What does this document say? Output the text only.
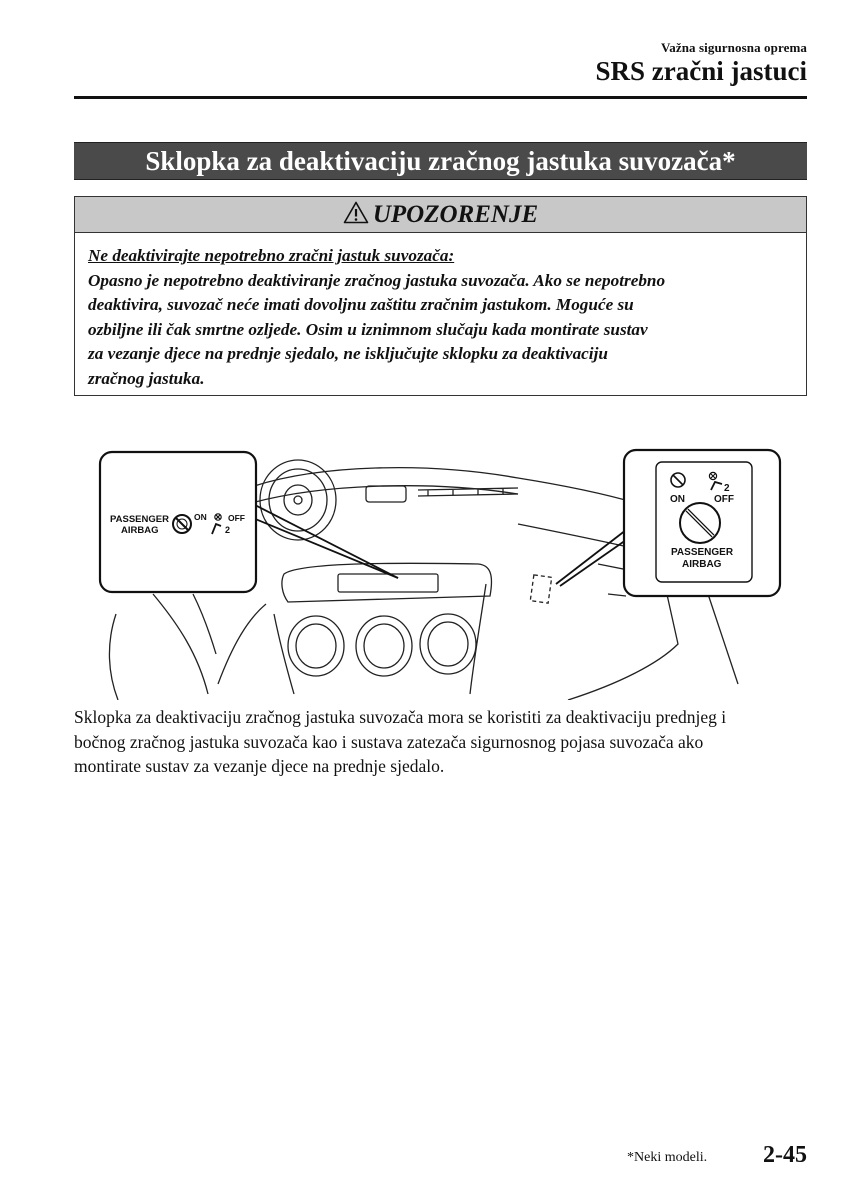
Važna sigurnosna oprema
SRS zračni jastuci
Sklopka za deaktivaciju zračnog jastuka suvozača*
UPOZORENJE
Ne deaktivirajte nepotrebno zračni jastuk suvozača:
Opasno je nepotrebno deaktiviranje zračnog jastuka suvozača. Ako se nepotrebno
deaktivira, suvozač neće imati dovoljnu zaštitu zračnim jastukom. Moguće su
ozbiljne ili čak smrtne ozljede. Osim u iznimnom slučaju kada montirate sustav
za vezanje djece na prednje sjedalo, ne isključujte sklopku za deaktivaciju
zračnog jastuka.
PASSENGER
AIRBAG
ON	OFF
2
ON	OFF
2
PASSENGER
AIRBAG
Sklopka za deaktivaciju zračnog jastuka suvozača mora se koristiti za deaktivaciju prednjeg i
bočnog zračnog jastuka suvozača kao i sustava zatezača sigurnosnog pojasa suvozača ako
montirate sustav za vezanje djece na prednje sjedalo.
*Neki modeli. 2-45
